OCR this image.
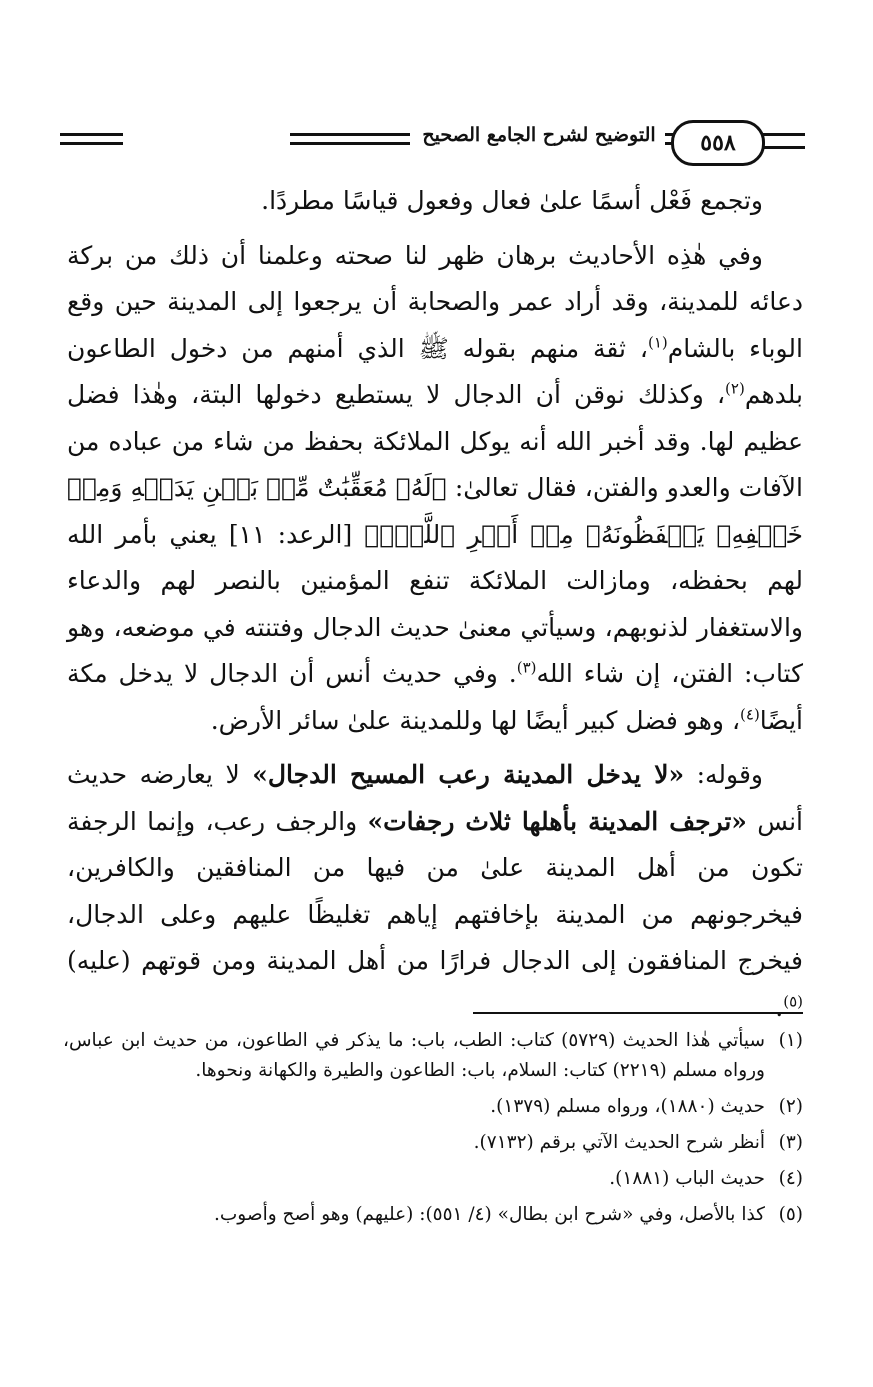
٥٥٨
التوضيح لشرح الجامع الصحيح

وتجمع فَعْل أسمًا علىٰ فعال وفعول قياسًا مطردًا.

وفي هٰذِه الأحاديث برهان ظهر لنا صحته وعلمنا أن ذلك من بركة دعائه للمدينة، وقد أراد عمر والصحابة أن يرجعوا إلى المدينة حين وقع الوباء بالشام$^{(١)}$، ثقة منهم بقوله ﷺ الذي أمنهم من دخول الطاعون بلدهم$^{(٢)}$، وكذلك نوقن أن الدجال لا يستطيع دخولها البتة، وهٰذا فضل عظيم لها. وقد أخبر الله أنه يوكل الملائكة بحفظ من شاء من عباده من الآفات والعدو والفتن، فقال تعالىٰ: ﴿لَهُۥ مُعَقِّبَٰتٌ مِّنۢ بَيۡنِ يَدَيۡهِ وَمِنۡ خَلۡفِهِۦ يَحۡفَظُونَهُۥ مِنۡ أَمۡرِ ٱللَّهِۗ﴾ [الرعد: ١١] يعني بأمر الله لهم بحفظه، ومازالت الملائكة تنفع المؤمنين بالنصر لهم والدعاء والاستغفار لذنوبهم، وسيأتي معنىٰ حديث الدجال وفتنته في موضعه، وهو كتاب: الفتن، إن شاء الله$^{(٣)}$. وفي حديث أنس أن الدجال لا يدخل مكة أيضًا$^{(٤)}$، وهو فضل كبير أيضًا لها وللمدينة علىٰ سائر الأرض.

وقوله: «لا يدخل المدينة رعب المسيح الدجال» لا يعارضه حديث أنس «ترجف المدينة بأهلها ثلاث رجفات» والرجف رعب، وإنما الرجفة تكون من أهل المدينة علىٰ من فيها من المنافقين والكافرين، فيخرجونهم من المدينة بإخافتهم إياهم تغليظًا عليهم وعلى الدجال، فيخرج المنافقون إلى الدجال فرارًا من أهل المدينة ومن قوتهم (عليه)$^{(٥)}$.

(١)
سيأتي هٰذا الحديث (٥٧٢٩) كتاب: الطب، باب: ما يذكر في الطاعون، من حديث ابن عباس، ورواه مسلم (٢٢١٩) كتاب: السلام، باب: الطاعون والطيرة والكهانة ونحوها.
(٢)
حديث (١٨٨٠)، ورواه مسلم (١٣٧٩).
(٣)
أنظر شرح الحديث الآتي برقم (٧١٣٢).
(٤)
حديث الباب (١٨٨١).
(٥)
كذا بالأصل، وفي «شرح ابن بطال» (٤/ ٥٥١): (عليهم) وهو أصح وأصوب.
